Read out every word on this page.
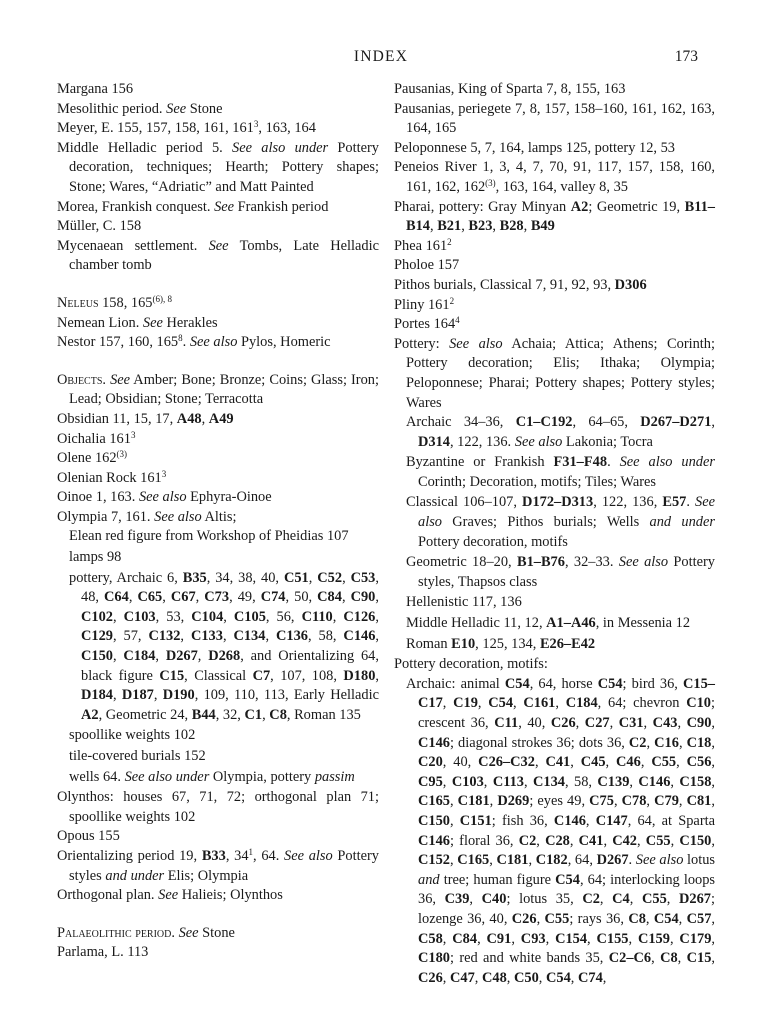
INDEX	173

Margana 156

Mesolithic period. See Stone

Meyer, E. 155, 157, 158, 161, $161^3$, 163, 164

Middle Helladic period 5. See also under Pottery decoration, techniques; Hearth; Pottery shapes; Stone; Wares, “Adriatic” and Matt Painted

Morea, Frankish conquest. See Frankish period

Müller, C. 158

Mycenaean settlement. See Tombs, Late Helladic chamber tomb

Neleus 158, $165^{(6), 8}$

Nemean Lion. See Herakles

Nestor 157, 160, $165^8$. See also Pylos, Homeric

Objects. See Amber; Bone; Bronze; Coins; Glass; Iron; Lead; Obsidian; Stone; Terracotta

Obsidian 11, 15, 17, A48, A49

Oichalia $161^3$

Olene 162$^{(3)}$

Olenian Rock $161^3$

Oinoe 1, 163. See also Ephyra-Oinoe

Olympia 7, 161. See also Altis;

Elean red figure from Workshop of Pheidias 107

lamps 98

pottery, Archaic 6, B35, 34, 38, 40, C51, C52, C53, 48, C64, C65, C67, C73, 49, C74, 50, C84, C90, C102, C103, 53, C104, C105, 56, C110, C126, C129, 57, C132, C133, C134, C136, 58, C146, C150, C184, D267, D268, and Orientalizing 64, black figure C15, Classical C7, 107, 108, D180, D184, D187, D190, 109, 110, 113, Early Helladic A2, Geometric 24, B44, 32, C1, C8, Roman 135

spoollike weights 102

tile-covered burials 152

wells 64. See also under Olympia, pottery passim

Olynthos: houses 67, 71, 72; orthogonal plan 71; spoollike weights 102

Opous 155

Orientalizing period 19, B33, $34^1$, 64. See also Pottery styles and under Elis; Olympia

Orthogonal plan. See Halieis; Olynthos

Palaeolithic period. See Stone

Parlama, L. 113

Pausanias, King of Sparta 7, 8, 155, 163

Pausanias, periegete 7, 8, 157, 158–160, 161, 162, 163, 164, 165

Peloponnese 5, 7, 164, lamps 125, pottery 12, 53

Peneios River 1, 3, 4, 7, 70, 91, 117, 157, 158, 160, 161, 162, 162$^{(3)}$, 163, 164, valley 8, 35

Pharai, pottery: Gray Minyan A2; Geometric 19, B11–B14, B21, B23, B28, B49

Phea $161^2$

Pholoe 157

Pithos burials, Classical 7, 91, 92, 93, D306

Pliny $161^2$

Portes $164^4$

Pottery: See also Achaia; Attica; Athens; Corinth; Pottery decoration; Elis; Ithaka; Olympia; Peloponnese; Pharai; Pottery shapes; Pottery styles; Wares

Archaic 34–36, C1–C192, 64–65, D267–D271, D314, 122, 136. See also Lakonia; Tocra

Byzantine or Frankish F31–F48. See also under Corinth; Decoration, motifs; Tiles; Wares

Classical 106–107, D172–D313, 122, 136, E57. See also Graves; Pithos burials; Wells and under Pottery decoration, motifs

Geometric 18–20, B1–B76, 32–33. See also Pottery styles, Thapsos class

Hellenistic 117, 136

Middle Helladic 11, 12, A1–A46, in Messenia 12

Roman E10, 125, 134, E26–E42

Pottery decoration, motifs:

Archaic: animal C54, 64, horse C54; bird 36, C15–C17, C19, C54, C161, C184, 64; chevron C10; crescent 36, C11, 40, C26, C27, C31, C43, C90, C146; diagonal strokes 36; dots 36, C2, C16, C18, C20, 40, C26–C32, C41, C45, C46, C55, C56, C95, C103, C113, C134, 58, C139, C146, C158, C165, C181, D269; eyes 49, C75, C78, C79, C81, C150, C151; fish 36, C146, C147, 64, at Sparta C146; floral 36, C2, C28, C41, C42, C55, C150, C152, C165, C181, C182, 64, D267. See also lotus and tree; human figure C54, 64; interlocking loops 36, C39, C40; lotus 35, C2, C4, C55, D267; lozenge 36, 40, C26, C55; rays 36, C8, C54, C57, C58, C84, C91, C93, C154, C155, C159, C179, C180; red and white bands 35, C2–C6, C8, C15, C26, C47, C48, C50, C54, C74,
